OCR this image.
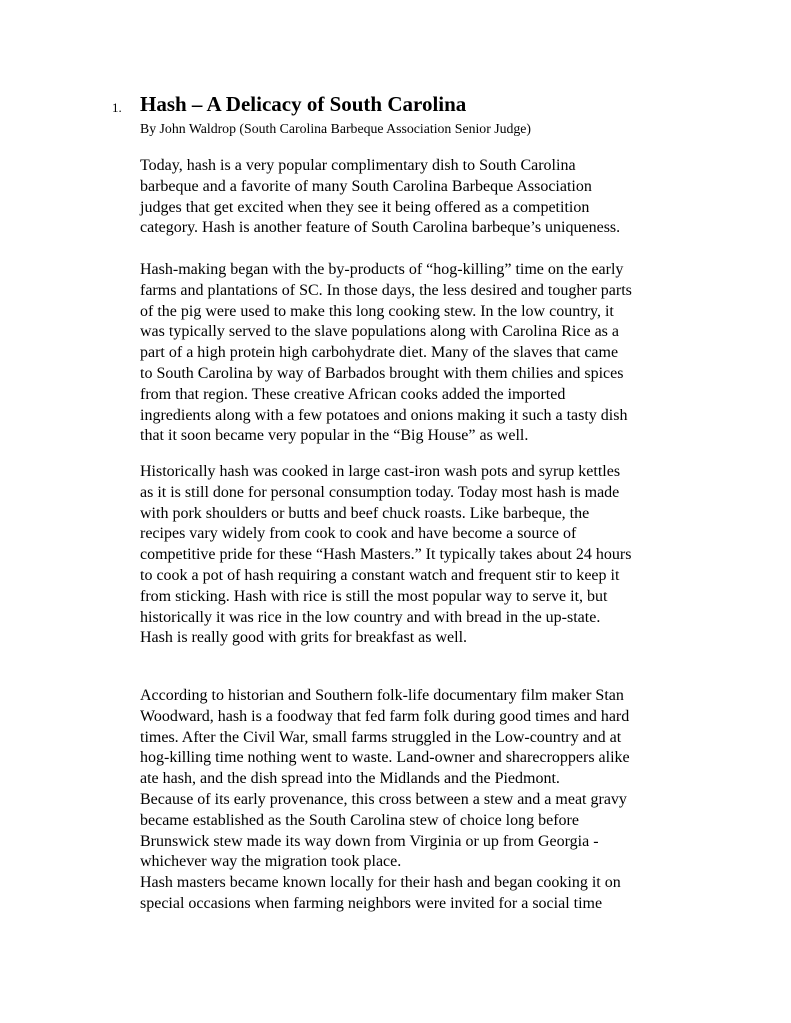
1. Hash – A Delicacy of South Carolina
By John Waldrop (South Carolina Barbeque Association Senior Judge)

Today, hash is a very popular complimentary dish to South Carolina
barbeque and a favorite of many South Carolina Barbeque Association
judges that get excited when they see it being offered as a competition
category. Hash is another feature of South Carolina barbeque’s uniqueness.

Hash-making began with the by-products of “hog-killing” time on the early
farms and plantations of SC. In those days, the less desired and tougher parts
of the pig were used to make this long cooking stew. In the low country, it
was typically served to the slave populations along with Carolina Rice as a
part of a high protein high carbohydrate diet. Many of the slaves that came
to South Carolina by way of Barbados brought with them chilies and spices
from that region. These creative African cooks added the imported
ingredients along with a few potatoes and onions making it such a tasty dish
that it soon became very popular in the “Big House” as well.

Historically hash was cooked in large cast-iron wash pots and syrup kettles
as it is still done for personal consumption today. Today most hash is made
with pork shoulders or butts and beef chuck roasts. Like barbeque, the
recipes vary widely from cook to cook and have become a source of
competitive pride for these “Hash Masters.” It typically takes about 24 hours
to cook a pot of hash requiring a constant watch and frequent stir to keep it
from sticking. Hash with rice is still the most popular way to serve it, but
historically it was rice in the low country and with bread in the up-state.
Hash is really good with grits for breakfast as well.

According to historian and Southern folk-life documentary film maker Stan
Woodward, hash is a foodway that fed farm folk during good times and hard
times. After the Civil War, small farms struggled in the Low-country and at
hog-killing time nothing went to waste. Land-owner and sharecroppers alike
ate hash, and the dish spread into the Midlands and the Piedmont.
Because of its early provenance, this cross between a stew and a meat gravy
became established as the South Carolina stew of choice long before
Brunswick stew made its way down from Virginia or up from Georgia -
whichever way the migration took place.
Hash masters became known locally for their hash and began cooking it on
special occasions when farming neighbors were invited for a social time
